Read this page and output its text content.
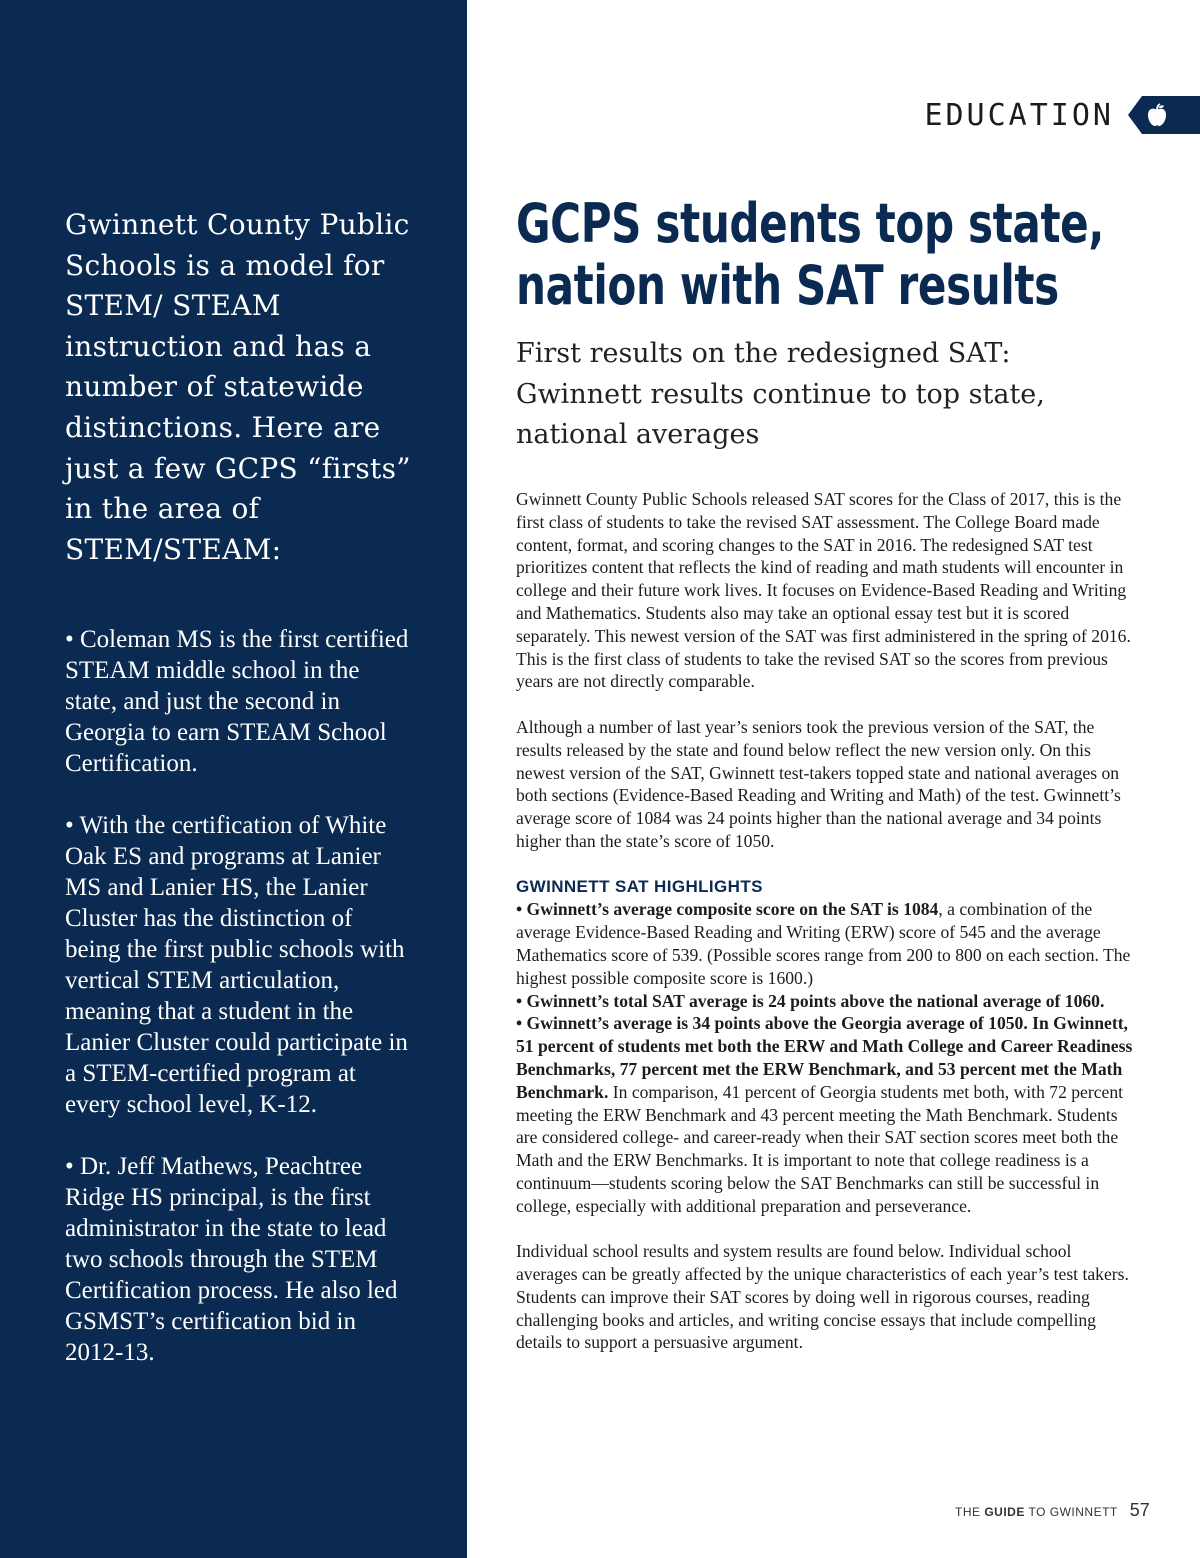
Gwinnett County Public Schools is a model for STEM/ STEAM instruction and has a number of statewide distinctions. Here are just a few GCPS “firsts” in the area of STEM/STEAM:

• Coleman MS is the first certified STEAM middle school in the state, and just the second in Georgia to earn STEAM School Certification.
• With the certification of White Oak ES and programs at Lanier MS and Lanier HS, the Lanier Cluster has the distinction of being the first public schools with vertical STEM articulation, meaning that a student in the Lanier Cluster could participate in a STEM-certified program at every school level, K-12.
• Dr. Jeff Mathews, Peachtree Ridge HS principal, is the first administrator in the state to lead two schools through the STEM Certification process. He also led GSMST’s certification bid in 2012-13.
EDUCATION
GCPS students top state,
nation with SAT results
First results on the redesigned SAT: Gwinnett results continue to top state, national averages

Gwinnett County Public Schools released SAT scores for the Class of 2017, this is the first class of students to take the revised SAT assessment. The College Board made content, format, and scoring changes to the SAT in 2016. The redesigned SAT test prioritizes content that reflects the kind of reading and math students will encounter in college and their future work lives. It focuses on Evidence-Based Reading and Writing and Mathematics. Students also may take an optional essay test but it is scored separately. This newest version of the SAT was first administered in the spring of 2016. This is the first class of students to take the revised SAT so the scores from previous years are not directly comparable.

Although a number of last year’s seniors took the previous version of the SAT, the results released by the state and found below reflect the new version only. On this newest version of the SAT, Gwinnett test-takers topped state and national averages on both sections (Evidence-Based Reading and Writing and Math) of the test. Gwinnett’s average score of 1084 was 24 points higher than the national average and 34 points higher than the state’s score of 1050.

GWINNETT SAT HIGHLIGHTS

• Gwinnett’s average composite score on the SAT is 1084, a combination of the average Evidence-Based Reading and Writing (ERW) score of 545 and the average Mathematics score of 539. (Possible scores range from 200 to 800 on each section. The highest possible composite score is 1600.)

• Gwinnett’s total SAT average is 24 points above the national average of 1060.

• Gwinnett’s average is 34 points above the Georgia average of 1050. In Gwinnett, 51 percent of students met both the ERW and Math College and Career Readiness Benchmarks, 77 percent met the ERW Benchmark, and 53 percent met the Math Benchmark. In comparison, 41 percent of Georgia students met both, with 72 percent meeting the ERW Benchmark and 43 percent meeting the Math Benchmark. Students are considered college- and career-ready when their SAT section scores meet both the Math and the ERW Benchmarks. It is important to note that college readiness is a continuum—students scoring below the SAT Benchmarks can still be successful in college, especially with additional preparation and perseverance.

Individual school results and system results are found below. Individual school averages can be greatly affected by the unique characteristics of each year’s test takers. Students can improve their SAT scores by doing well in rigorous courses, reading challenging books and articles, and writing concise essays that include compelling details to support a persuasive argument.

THE GUIDE TO GWINNETT 57
